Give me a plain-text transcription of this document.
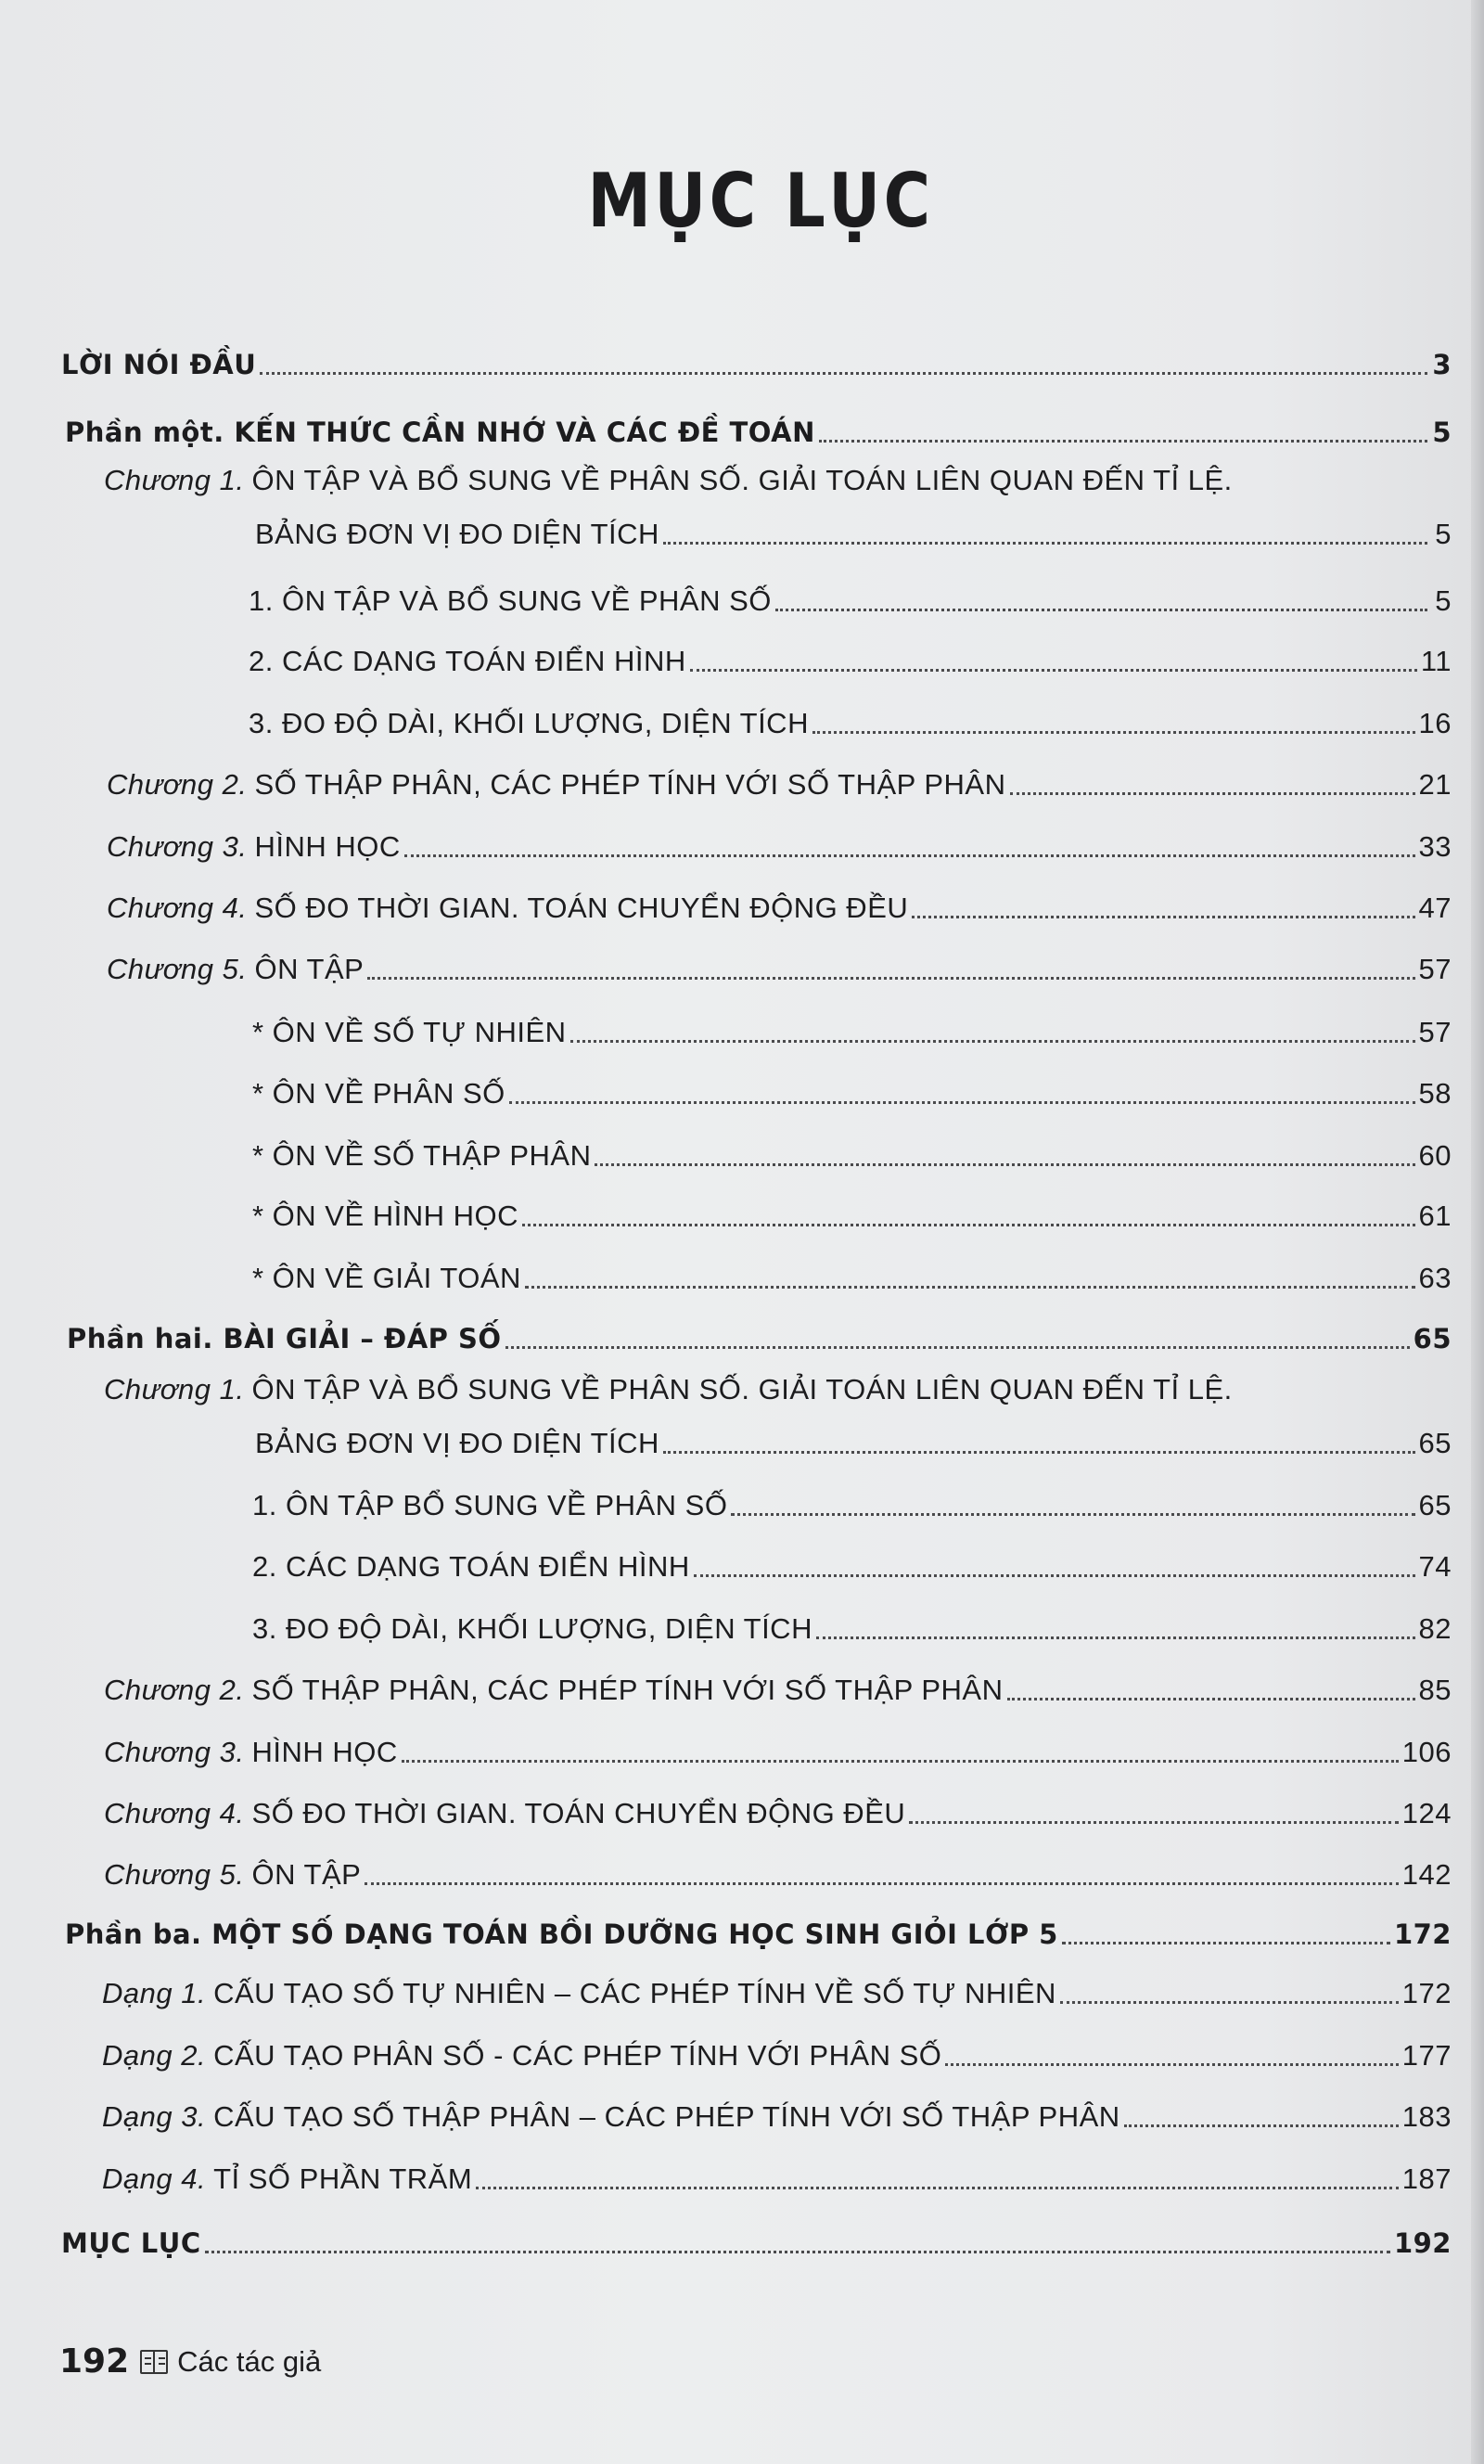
MỤC LỤC
LỜI NÓI ĐẦU	3
Phần một. KẾN THỨC CẦN NHỚ VÀ CÁC ĐỀ TOÁN	5
Chương 1. ÔN TẬP VÀ BỔ SUNG VỀ PHÂN SỐ. GIẢI TOÁN LIÊN QUAN ĐẾN TỈ LỆ.
BẢNG ĐƠN VỊ ĐO DIỆN TÍCH	5
1. ÔN TẬP VÀ BỔ SUNG VỀ PHÂN SỐ	5
2. CÁC DẠNG TOÁN ĐIỂN HÌNH	11
3. ĐO ĐỘ DÀI, KHỐI LƯỢNG, DIỆN TÍCH	16
Chương 2. SỐ THẬP PHÂN, CÁC PHÉP TÍNH VỚI SỐ THẬP PHÂN	21
Chương 3. HÌNH HỌC	33
Chương 4. SỐ ĐO THỜI GIAN. TOÁN CHUYỂN ĐỘNG ĐỀU	47
Chương 5. ÔN TẬP	57
* ÔN VỀ SỐ TỰ NHIÊN	57
* ÔN VỀ PHÂN SỐ	58
* ÔN VỀ SỐ THẬP PHÂN	60
* ÔN VỀ HÌNH HỌC	61
* ÔN VỀ GIẢI TOÁN	63
Phần hai. BÀI GIẢI – ĐÁP SỐ	65
Chương 1. ÔN TẬP VÀ BỔ SUNG VỀ PHÂN SỐ. GIẢI TOÁN LIÊN QUAN ĐẾN TỈ LỆ.
BẢNG ĐƠN VỊ ĐO DIỆN TÍCH	65
1. ÔN TẬP BỔ SUNG VỀ PHÂN SỐ	65
2. CÁC DẠNG TOÁN ĐIỂN HÌNH	74
3. ĐO ĐỘ DÀI, KHỐI LƯỢNG, DIỆN TÍCH	82
Chương 2. SỐ THẬP PHÂN, CÁC PHÉP TÍNH VỚI SỐ THẬP PHÂN	85
Chương 3. HÌNH HỌC	106
Chương 4. SỐ ĐO THỜI GIAN. TOÁN CHUYỂN ĐỘNG ĐỀU	124
Chương 5. ÔN TẬP	142
Phần ba. MỘT SỐ DẠNG TOÁN BỒI DƯỠNG HỌC SINH GIỎI LỚP 5	172
Dạng 1. CẤU TẠO SỐ TỰ NHIÊN – CÁC PHÉP TÍNH VỀ SỐ TỰ NHIÊN	172
Dạng 2. CẤU TẠO PHÂN SỐ - CÁC PHÉP TÍNH VỚI PHÂN SỐ	177
Dạng 3. CẤU TẠO SỐ THẬP PHÂN – CÁC PHÉP TÍNH VỚI SỐ THẬP PHÂN	183
Dạng 4. TỈ SỐ PHẦN TRĂM	187
MỤC LỤC	192
192 Các tác giả
